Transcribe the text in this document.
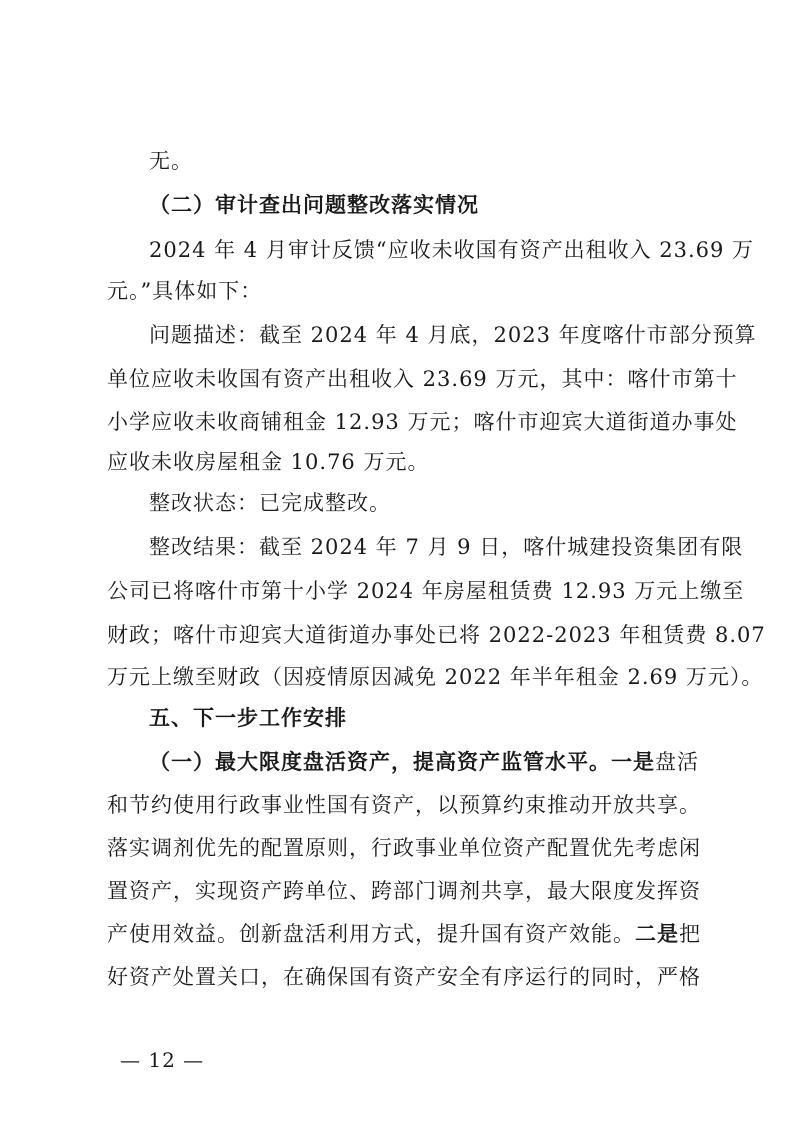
无。
（二）审计查出问题整改落实情况
2024 年 4 月审计反馈“应收未收国有资产出租收入 23.69 万
元。”具体如下：
问题描述：截至 2024 年 4 月底，2023 年度喀什市部分预算
单位应收未收国有资产出租收入 23.69 万元，其中：喀什市第十
小学应收未收商铺租金 12.93 万元；喀什市迎宾大道街道办事处
应收未收房屋租金 10.76 万元。
整改状态：已完成整改。
整改结果：截至 2024 年 7 月 9 日，喀什城建投资集团有限
公司已将喀什市第十小学 2024 年房屋租赁费 12.93 万元上缴至
财政；喀什市迎宾大道街道办事处已将 2022-2023 年租赁费 8.07
万元上缴至财政（因疫情原因减免 2022 年半年租金 2.69 万元）。
五、下一步工作安排
（一）最大限度盘活资产，提高资产监管水平。一是盘活
和节约使用行政事业性国有资产，以预算约束推动开放共享。
落实调剂优先的配置原则，行政事业单位资产配置优先考虑闲
置资产，实现资产跨单位、跨部门调剂共享，最大限度发挥资
产使用效益。创新盘活利用方式，提升国有资产效能。二是把
好资产处置关口，在确保国有资产安全有序运行的同时，严格
— 12 —
